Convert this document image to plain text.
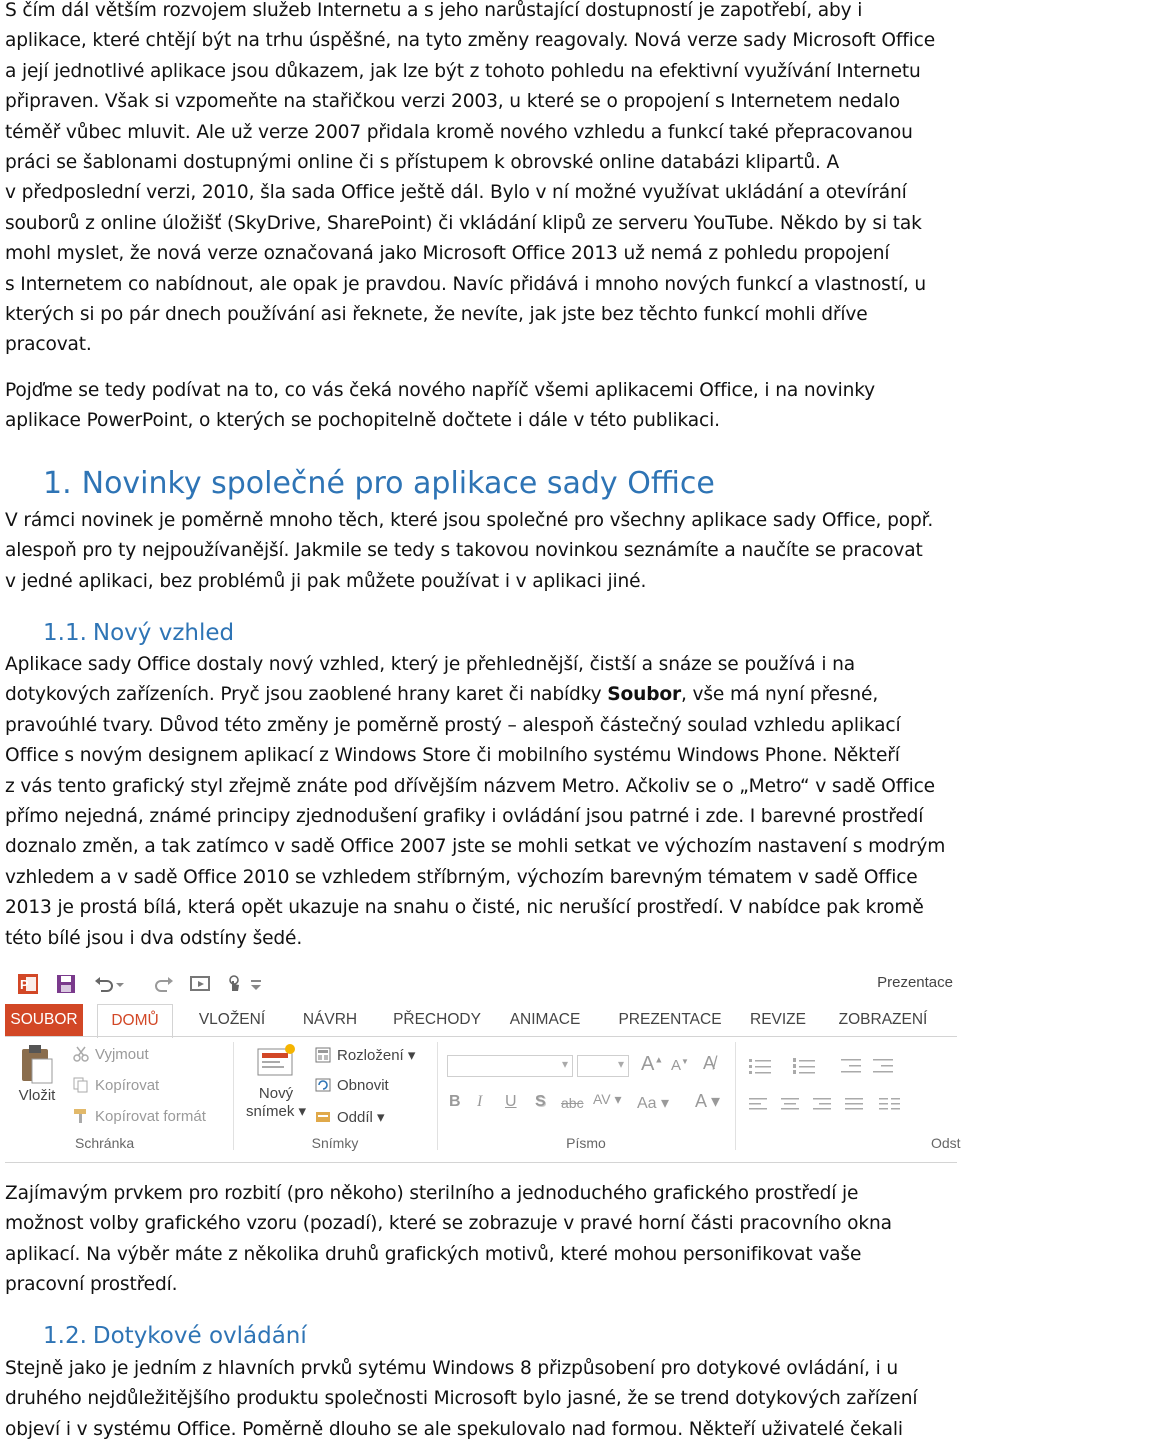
S čím dál větším rozvojem služeb Internetu a s jeho narůstající dostupností je zapotřebí, aby i

aplikace, které chtějí být na trhu úspěšné, na tyto změny reagovaly. Nová verze sady Microsoft Office

a její jednotlivé aplikace jsou důkazem, jak lze být z tohoto pohledu na efektivní využívání Internetu

připraven. Však si vzpomeňte na stařičkou verzi 2003, u které se o propojení s Internetem nedalo

téměř vůbec mluvit. Ale už verze 2007 přidala kromě nového vzhledu a funkcí také přepracovanou

práci se šablonami dostupnými online či s přístupem k obrovské online databázi klipartů. A

v předposlední verzi, 2010, šla sada Office ještě dál. Bylo v ní možné využívat ukládání a otevírání

souborů z online úložišť (SkyDrive, SharePoint) či vkládání klipů ze serveru YouTube. Někdo by si tak

mohl myslet, že nová verze označovaná jako Microsoft Office 2013 už nemá z pohledu propojení

s Internetem co nabídnout, ale opak je pravdou. Navíc přidává i mnoho nových funkcí a vlastností, u

kterých si po pár dnech používání asi řeknete, že nevíte, jak jste bez těchto funkcí mohli dříve

pracovat.

Pojďme se tedy podívat na to, co vás čeká nového napříč všemi aplikacemi Office, i na novinky

aplikace PowerPoint, o kterých se pochopitelně dočtete i dále v této publikaci.

1. Novinky společné pro aplikace sady Office

V rámci novinek je poměrně mnoho těch, které jsou společné pro všechny aplikace sady Office, popř.

alespoň pro ty nejpoužívanější. Jakmile se tedy s takovou novinkou seznámíte a naučíte se pracovat

v jedné aplikaci, bez problémů ji pak můžete používat i v aplikaci jiné.

1.1. Nový vzhled

Aplikace sady Office dostaly nový vzhled, který je přehlednější, čistší a snáze se používá i na

dotykových zařízeních. Pryč jsou zaoblené hrany karet či nabídky Soubor, vše má nyní přesné,

pravoúhlé tvary. Důvod této změny je poměrně prostý – alespoň částečný soulad vzhledu aplikací

Office s novým designem aplikací z Windows Store či mobilního systému Windows Phone. Někteří

z vás tento grafický styl zřejmě znáte pod dřívějším názvem Metro. Ačkoliv se o „Metro“ v sadě Office

přímo nejedná, známé principy zjednodušení grafiky i ovládání jsou patrné i zde. I barevné prostředí

doznalo změn, a tak zatímco v sadě Office 2007 jste se mohli setkat ve výchozím nastavení s modrým

vzhledem a v sadě Office 2010 se vzhledem stříbrným, výchozím barevným tématem v sadě Office

2013 je prostá bílá, která opět ukazuje na snahu o čisté, nic nerušící prostředí. V nabídce pak kromě

této bílé jsou i dva odstíny šedé.

Zajímavým prvkem pro rozbití (pro někoho) sterilního a jednoduchého grafického prostředí je

možnost volby grafického vzoru (pozadí), které se zobrazuje v pravé horní části pracovního okna

aplikací. Na výběr máte z několika druhů grafických motivů, které mohou personifikovat vaše

pracovní prostředí.

1.2. Dotykové ovládání

Stejně jako je jedním z hlavních prvků sytému Windows 8 přizpůsobení pro dotykové ovládání, i u

druhého nejdůležitějšího produktu společnosti Microsoft bylo jasné, že se trend dotykových zařízení

objeví i v systému Office. Poměrně dlouho se ale spekulovalo nad formou. Někteří uživatelé čekali

P	Prezentace
SOUBOR	DOMŮ	VLOŽENÍ	NÁVRH	PŘECHODY	ANIMACE	PREZENTACE	REVIZE	ZOBRAZENÍ
Vložit
Vyjmout
Kopírovat
Kopírovat formát
Schránka
Nový
snímek ▾
Rozložení ▾
Obnovit
Oddíl ▾
Snímky
▾	▾ A▲ A▼ A̸
B I U S abc AV ▾ Aa ▾ A ▾
Písmo	Odst
